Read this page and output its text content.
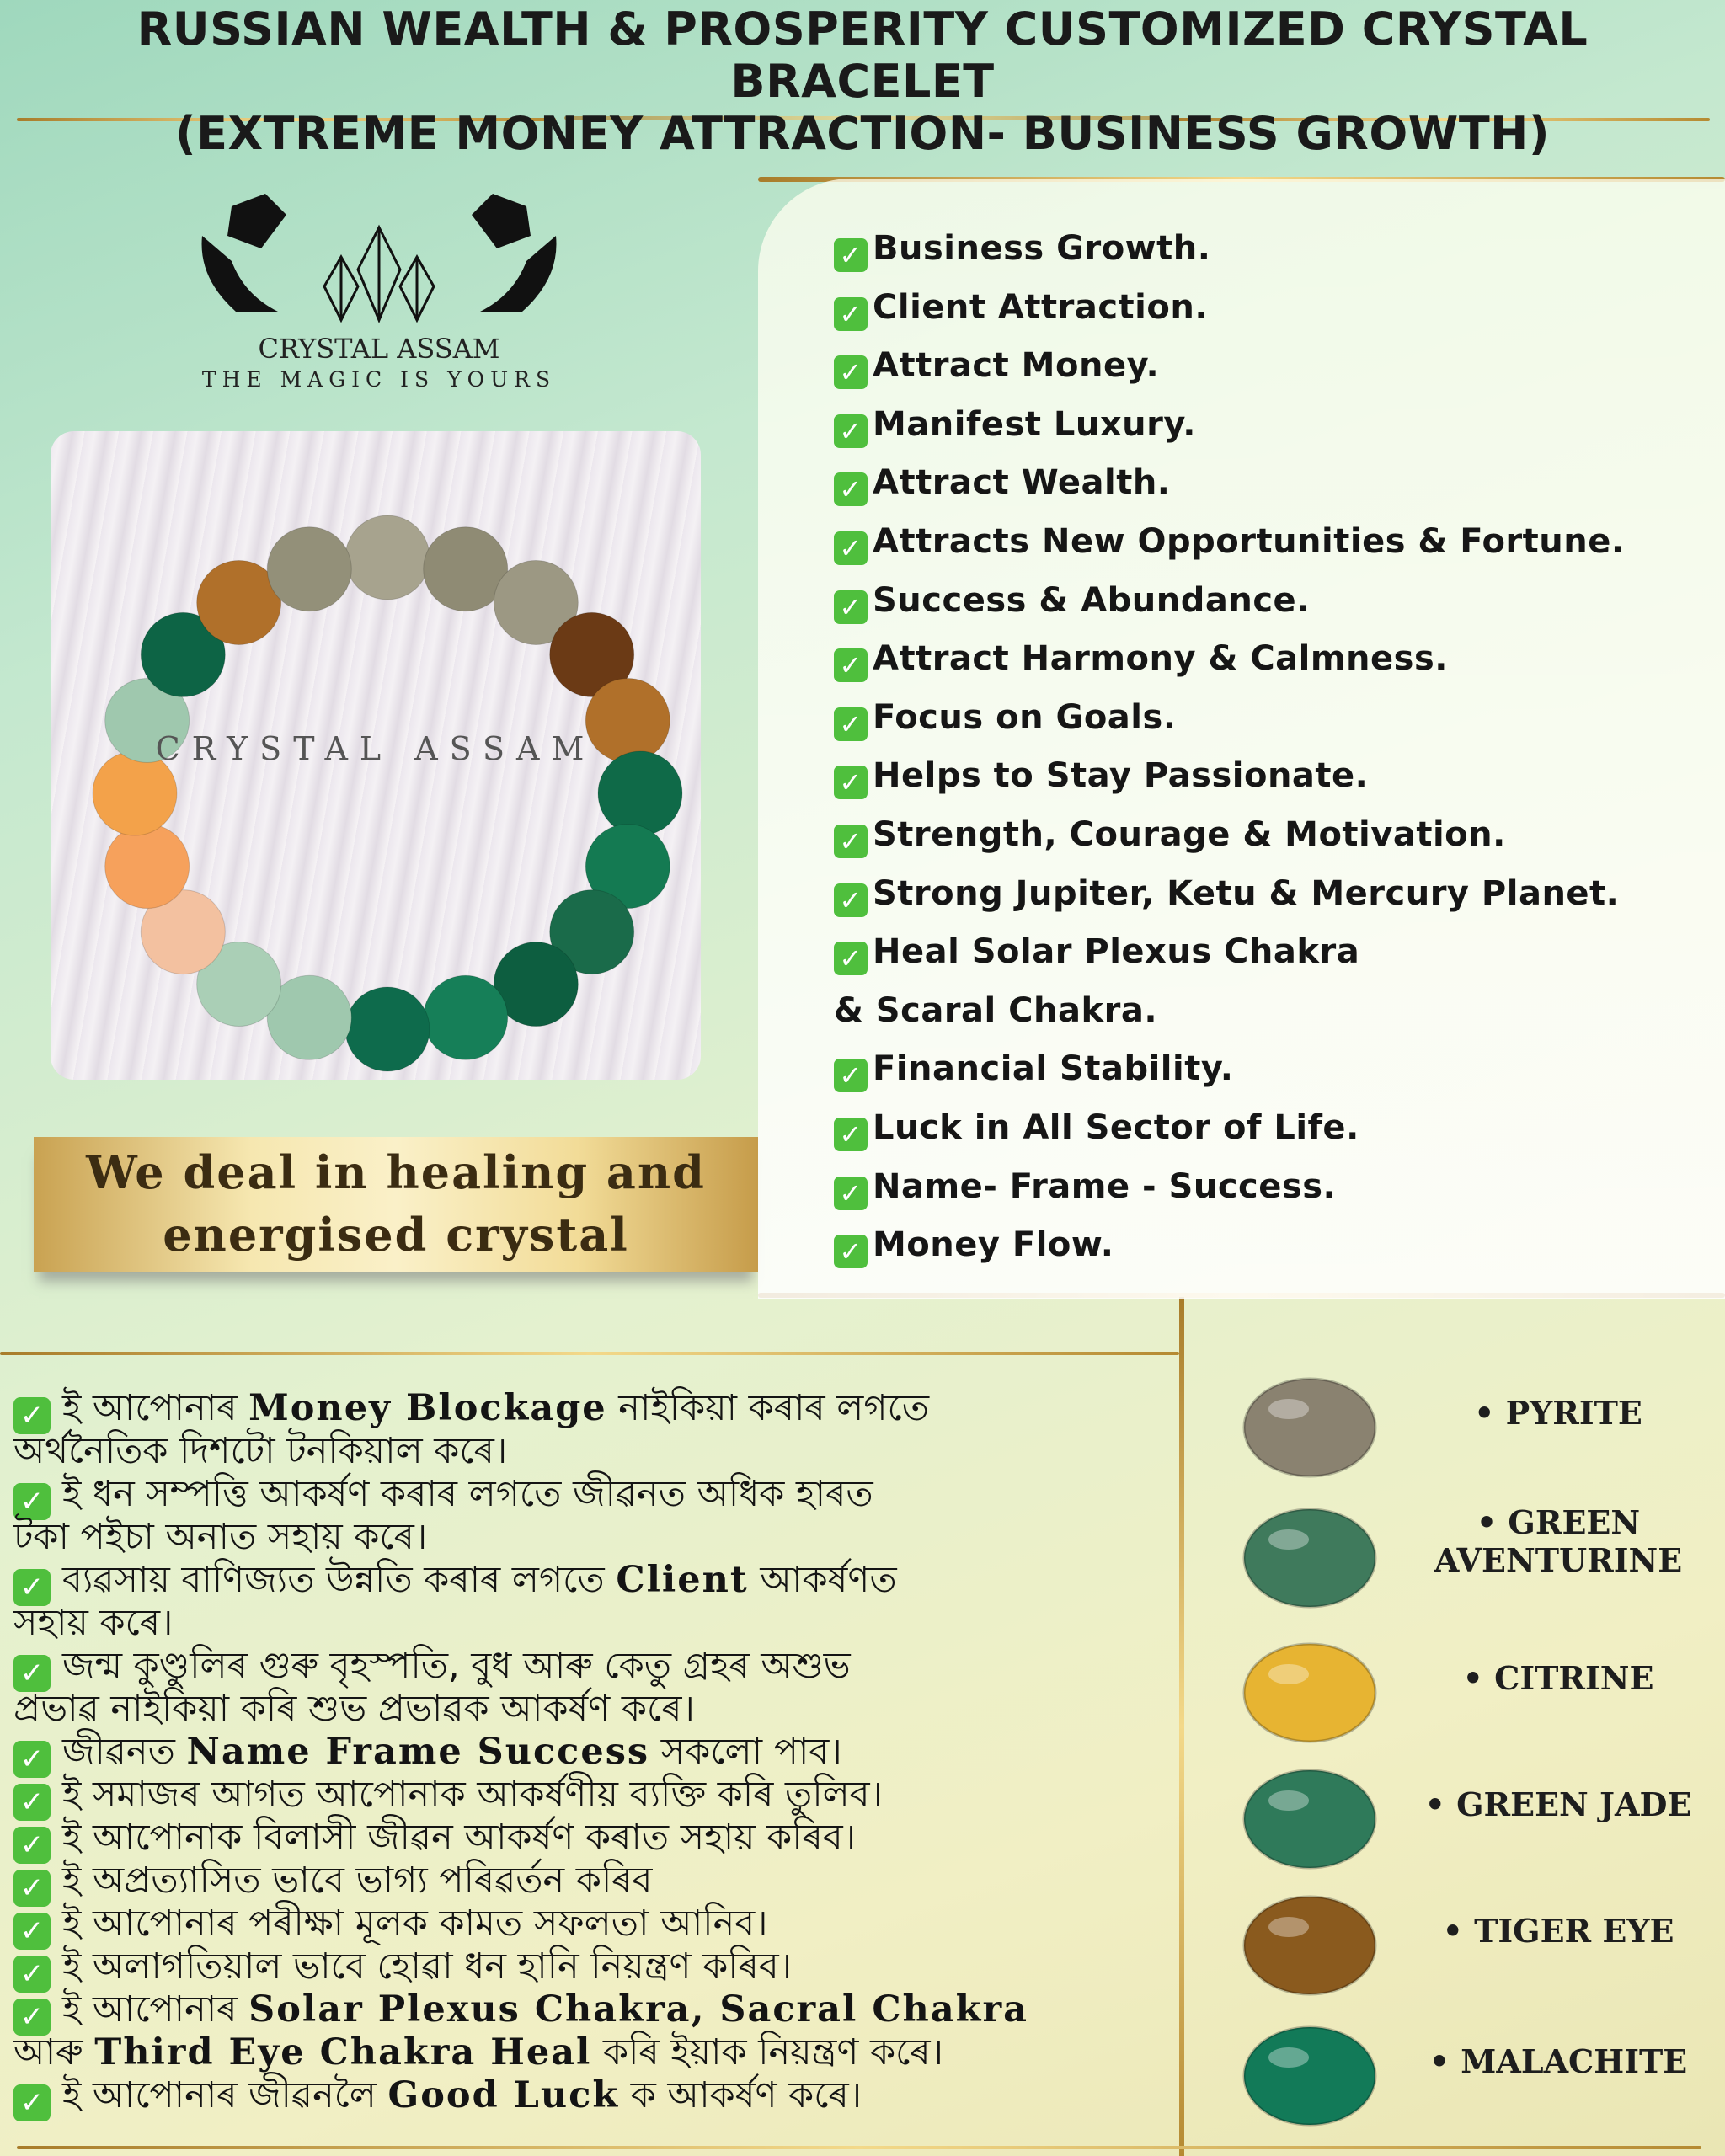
RUSSIAN WEALTH & PROSPERITY CUSTOMIZED CRYSTAL BRACELET
(EXTREME MONEY ATTRACTION- BUSINESS GROWTH)
CRYSTAL ASSAM
THE MAGIC IS YOURS
CRYSTAL ASSAM
We deal in healing and
energised crystal
✓ Business Growth.
✓ Client Attraction.
✓ Attract Money.
✓ Manifest Luxury.
✓ Attract Wealth.
✓ Attracts New Opportunities & Fortune.
✓ Success & Abundance.
✓ Attract Harmony & Calmness.
✓ Focus on Goals.
✓ Helps to Stay Passionate.
✓ Strength, Courage & Motivation.
✓ Strong Jupiter, Ketu & Mercury Planet.
✓ Heal Solar Plexus Chakra
& Scaral Chakra.
✓ Financial Stability.
✓ Luck in All Sector of Life.
✓ Name- Frame - Success.
✓ Money Flow.
✓ ই আপোনাৰ Money Blockage নাইকিয়া কৰাৰ লগতে
অৰ্থনৈতিক দিশটো টনকিয়াল কৰে।
✓ ই ধন সম্পত্তি আকৰ্ষণ কৰাৰ লগতে জীৱনত অধিক হাৰত
টকা পইচা অনাত সহায় কৰে।
✓ ব্যৱসায় বাণিজ্যত উন্নতি কৰাৰ লগতে Client আকৰ্ষণত
সহায় কৰে।
✓ জন্ম কুণ্ডুলিৰ গুৰু বৃহস্পতি, বুধ আৰু কেতু গ্ৰহৰ অশুভ
প্ৰভাৱ নাইকিয়া কৰি শুভ প্ৰভাৱক আকৰ্ষণ কৰে।
✓ জীৱনত Name Frame Success সকলো পাব।
✓ ই সমাজৰ আগত আপোনাক আকৰ্ষণীয় ব্যক্তি কৰি তুলিব।
✓ ই আপোনাক বিলাসী জীৱন আকৰ্ষণ কৰাত সহায় কৰিব।
✓ ই অপ্ৰত্যাসিত ভাবে ভাগ্য পৰিৱৰ্তন কৰিব
✓ ই আপোনাৰ পৰীক্ষা মূলক কামত সফলতা আনিব।
✓ ই অলাগতিয়াল ভাবে হোৱা ধন হানি নিয়ন্ত্ৰণ কৰিব।
✓ ই আপোনাৰ Solar Plexus Chakra, Sacral Chakra
আৰু Third Eye Chakra Heal কৰি ইয়াক নিয়ন্ত্ৰণ কৰে।
✓ ই আপোনাৰ জীৱনলৈ Good Luck ক আকৰ্ষণ কৰে।
• PYRITE
• GREEN
AVENTURINE
• CITRINE
• GREEN JADE
• TIGER EYE
• MALACHITE
